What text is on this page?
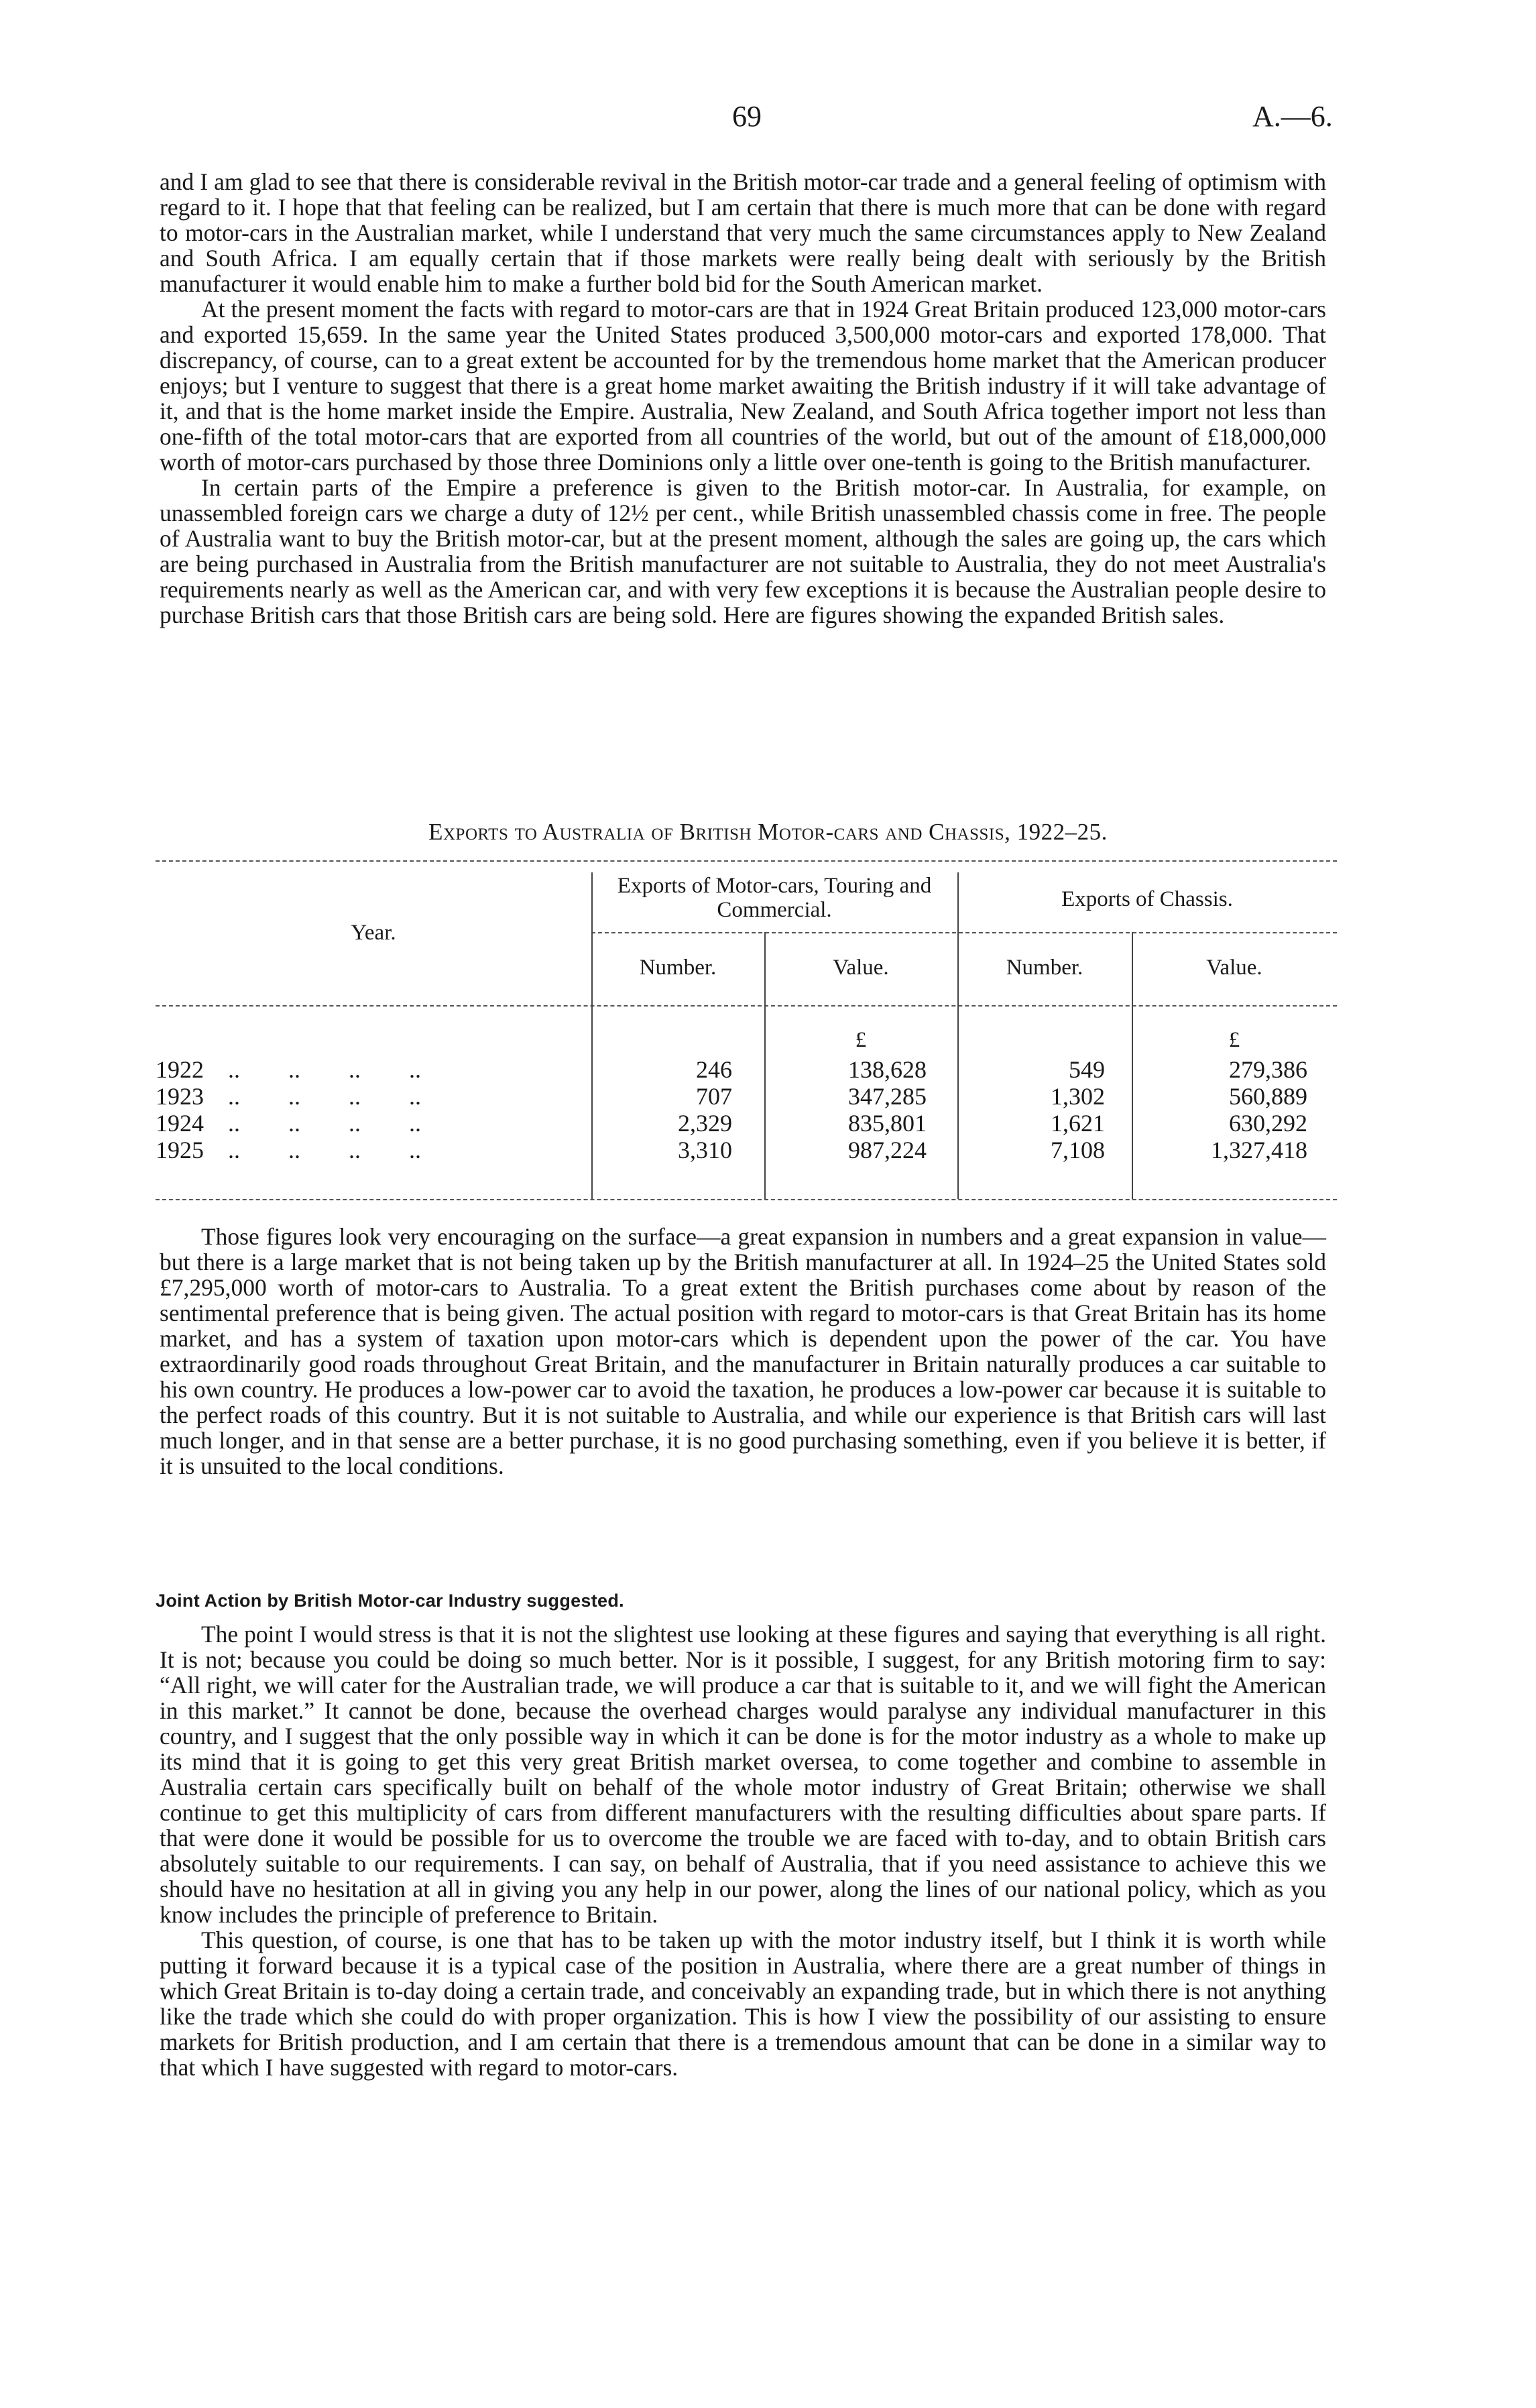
69	A.—6.

and I am glad to see that there is considerable revival in the British motor-car trade and a general feeling of optimism with regard to it. I hope that that feeling can be realized, but I am certain that there is much more that can be done with regard to motor-cars in the Australian market, while I understand that very much the same circumstances apply to New Zealand and South Africa. I am equally certain that if those markets were really being dealt with seriously by the British manufacturer it would enable him to make a further bold bid for the South American market.

At the present moment the facts with regard to motor-cars are that in 1924 Great Britain produced 123,000 motor-cars and exported 15,659. In the same year the United States produced 3,500,000 motor-cars and exported 178,000. That discrepancy, of course, can to a great extent be accounted for by the tremendous home market that the American producer enjoys; but I venture to suggest that there is a great home market awaiting the British industry if it will take advantage of it, and that is the home market inside the Empire. Australia, New Zealand, and South Africa together import not less than one-fifth of the total motor-cars that are exported from all countries of the world, but out of the amount of £18,000,000 worth of motor-cars purchased by those three Dominions only a little over one-tenth is going to the British manufacturer.

In certain parts of the Empire a preference is given to the British motor-car. In Australia, for example, on unassembled foreign cars we charge a duty of 12½ per cent., while British unassembled chassis come in free. The people of Australia want to buy the British motor-car, but at the present moment, although the sales are going up, the cars which are being purchased in Australia from the British manufacturer are not suitable to Australia, they do not meet Australia's requirements nearly as well as the American car, and with very few exceptions it is because the Australian people desire to purchase British cars that those British cars are being sold. Here are figures showing the expanded British sales.

Exports to Australia of British Motor-cars and Chassis, 1922–25.
Year.
Exports of Motor-cars, Touring and Commercial.	Exports of Chassis.
Number.	Value.	Number.	Value.
£	£
1922    ..        ..        ..        ..	246	138,628	549	279,386
1923    ..        ..        ..        ..	707	347,285	1,302	560,889
1924    ..        ..        ..        ..	2,329	835,801	1,621	630,292
1925    ..        ..        ..        ..	3,310	987,224	7,108	1,327,418

Those figures look very encouraging on the surface—a great expansion in numbers and a great expansion in value—but there is a large market that is not being taken up by the British manufacturer at all. In 1924–25 the United States sold £7,295,000 worth of motor-cars to Australia. To a great extent the British purchases come about by reason of the sentimental preference that is being given. The actual position with regard to motor-cars is that Great Britain has its home market, and has a system of taxation upon motor-cars which is dependent upon the power of the car. You have extraordinarily good roads throughout Great Britain, and the manufacturer in Britain naturally produces a car suitable to his own country. He produces a low-power car to avoid the taxation, he produces a low-power car because it is suitable to the perfect roads of this country. But it is not suitable to Australia, and while our experience is that British cars will last much longer, and in that sense are a better purchase, it is no good purchasing something, even if you believe it is better, if it is unsuited to the local conditions.

Joint Action by British Motor-car Industry suggested.

The point I would stress is that it is not the slightest use looking at these figures and saying that everything is all right. It is not; because you could be doing so much better. Nor is it possible, I suggest, for any British motoring firm to say: “All right, we will cater for the Australian trade, we will produce a car that is suitable to it, and we will fight the American in this market.” It cannot be done, because the overhead charges would paralyse any individual manufacturer in this country, and I suggest that the only possible way in which it can be done is for the motor industry as a whole to make up its mind that it is going to get this very great British market oversea, to come together and combine to assemble in Australia certain cars specifically built on behalf of the whole motor industry of Great Britain; otherwise we shall continue to get this multiplicity of cars from different manufacturers with the resulting difficulties about spare parts. If that were done it would be possible for us to overcome the trouble we are faced with to-day, and to obtain British cars absolutely suitable to our requirements. I can say, on behalf of Australia, that if you need assistance to achieve this we should have no hesitation at all in giving you any help in our power, along the lines of our national policy, which as you know includes the principle of preference to Britain.

This question, of course, is one that has to be taken up with the motor industry itself, but I think it is worth while putting it forward because it is a typical case of the position in Australia, where there are a great number of things in which Great Britain is to-day doing a certain trade, and conceivably an expanding trade, but in which there is not anything like the trade which she could do with proper organization. This is how I view the possibility of our assisting to ensure markets for British production, and I am certain that there is a tremendous amount that can be done in a similar way to that which I have suggested with regard to motor-cars.
